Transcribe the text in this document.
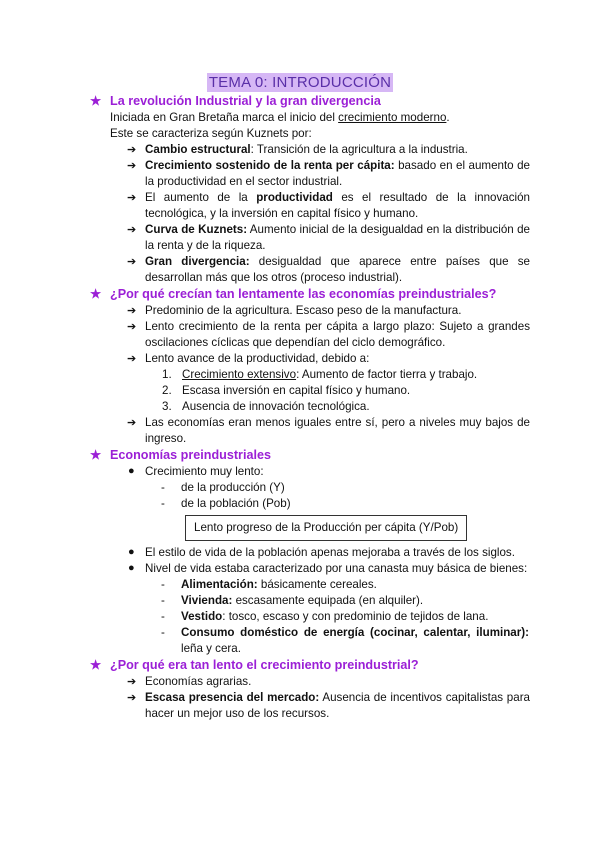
TEMA 0: INTRODUCCIÓN
★ La revolución Industrial y la gran divergencia
Iniciada en Gran Bretaña marca el inicio del crecimiento moderno.
Este se caracteriza según Kuznets por:
➔ Cambio estructural: Transición de la agricultura a la industria.
➔ Crecimiento sostenido de la renta per cápita: basado en el aumento de la productividad en el sector industrial.
➔ El aumento de la productividad es el resultado de la innovación tecnológica, y la inversión en capital físico y humano.
➔ Curva de Kuznets: Aumento inicial de la desigualdad en la distribución de la renta y de la riqueza.
➔ Gran divergencia: desigualdad que aparece entre países que se desarrollan más que los otros (proceso industrial).
★ ¿Por qué crecían tan lentamente las economías preindustriales?
➔ Predominio de la agricultura. Escaso peso de la manufactura.
➔ Lento crecimiento de la renta per cápita a largo plazo: Sujeto a grandes oscilaciones cíclicas que dependían del ciclo demográfico.
➔ Lento avance de la productividad, debido a:
1. Crecimiento extensivo: Aumento de factor tierra y trabajo.
2. Escasa inversión en capital físico y humano.
3. Ausencia de innovación tecnológica.
➔ Las economías eran menos iguales entre sí, pero a niveles muy bajos de ingreso.
★ Economías preindustriales
● Crecimiento muy lento:
- de la producción (Y)
- de la población (Pob)
Lento progreso de la Producción per cápita (Y/Pob)
● El estilo de vida de la población apenas mejoraba a través de los siglos.
● Nivel de vida estaba caracterizado por una canasta muy básica de bienes:
- Alimentación: básicamente cereales.
- Vivienda: escasamente equipada (en alquiler).
- Vestido: tosco, escaso y con predominio de tejidos de lana.
- Consumo doméstico de energía (cocinar, calentar, iluminar): leña y cera.
★ ¿Por qué era tan lento el crecimiento preindustrial?
➔ Economías agrarias.
➔ Escasa presencia del mercado: Ausencia de incentivos capitalistas para hacer un mejor uso de los recursos.
